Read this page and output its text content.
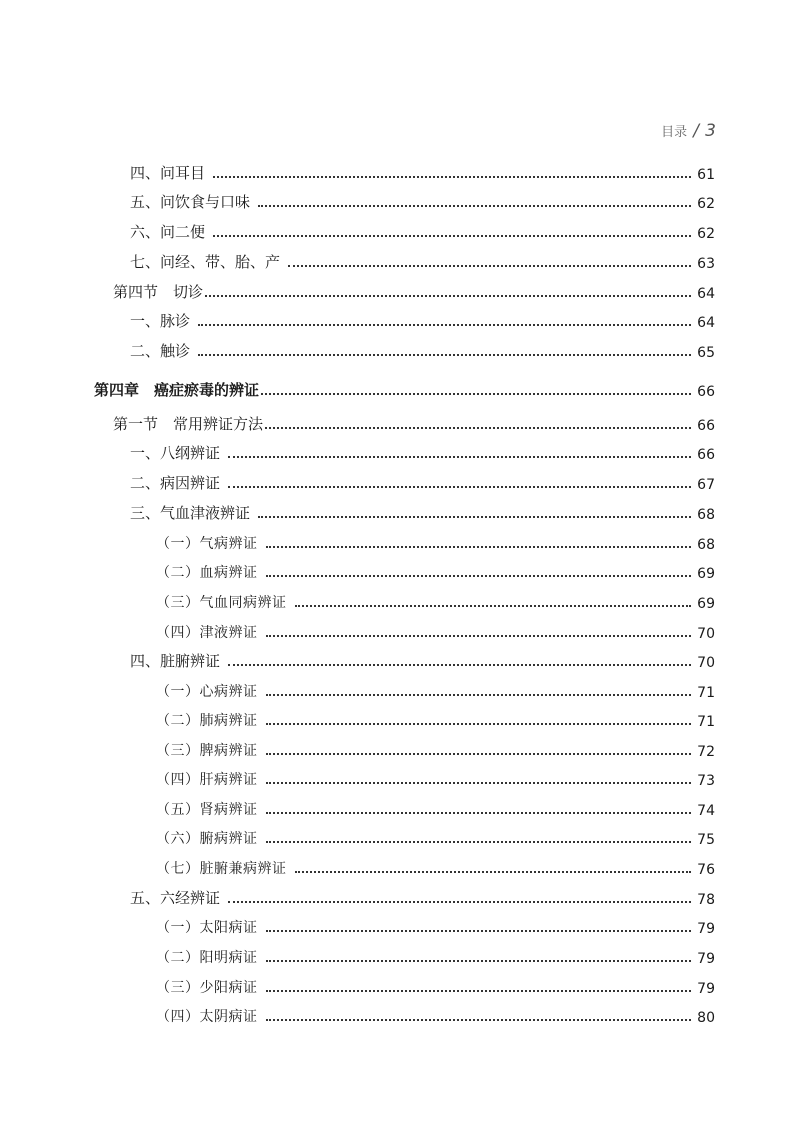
目录 / 3
四、问耳目	61
五、问饮食与口味	62
六、问二便	62
七、问经、带、胎、产	63
第四节　切诊	64
一、脉诊	64
二、触诊	65
第四章　癌症瘀毒的辨证	66
第一节　常用辨证方法	66
一、八纲辨证	66
二、病因辨证	67
三、气血津液辨证	68
（一）气病辨证	68
（二）血病辨证	69
（三）气血同病辨证	69
（四）津液辨证	70
四、脏腑辨证	70
（一）心病辨证	71
（二）肺病辨证	71
（三）脾病辨证	72
（四）肝病辨证	73
（五）肾病辨证	74
（六）腑病辨证	75
（七）脏腑兼病辨证	76
五、六经辨证	78
（一）太阳病证	79
（二）阳明病证	79
（三）少阳病证	79
（四）太阴病证	80
